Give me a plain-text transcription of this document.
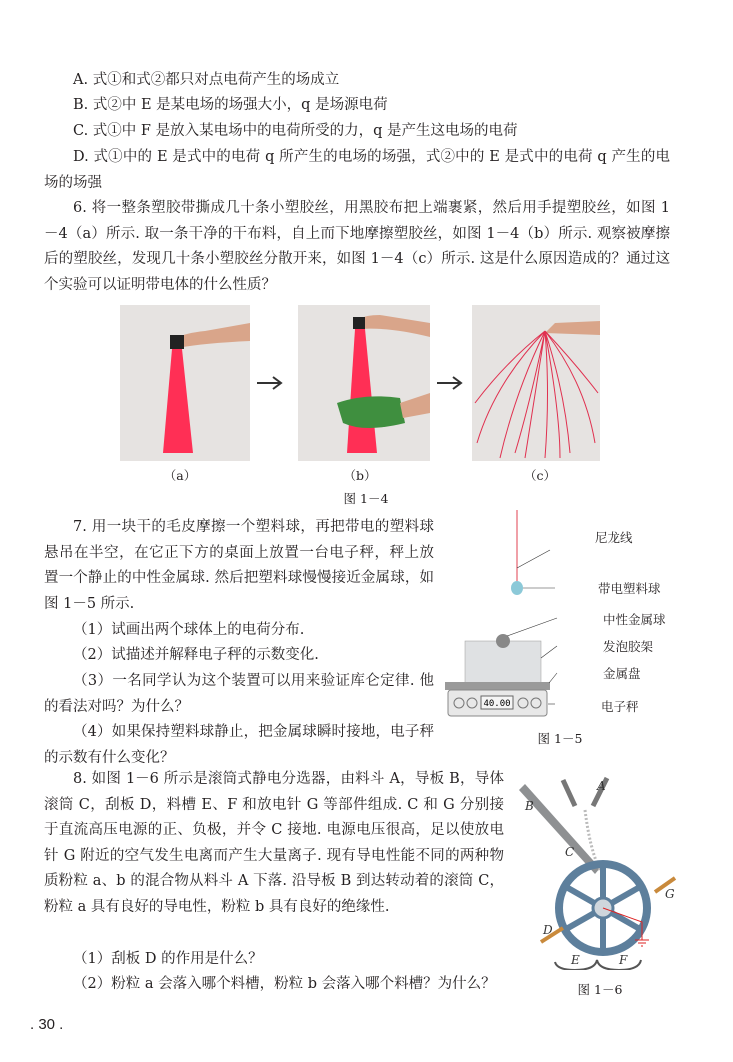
A. 式①和式②都只对点电荷产生的场成立
B. 式②中 E 是某电场的场强大小，q 是场源电荷
C. 式①中 F 是放入某电场中的电荷所受的力，q 是产生这电场的电荷
D. 式①中的 E 是式中的电荷 q 所产生的电场的场强，式②中的 E 是式中的电荷 q 产生的电场的场强
6. 将一整条塑胶带撕成几十条小塑胶丝，用黑胶布把上端裹紧，然后用手提塑胶丝，如图 1－4（a）所示. 取一条干净的干布料，自上而下地摩擦塑胶丝，如图 1－4（b）所示. 观察被摩擦后的塑胶丝，发现几十条小塑胶丝分散开来，如图 1－4（c）所示. 这是什么原因造成的？通过这个实验可以证明带电体的什么性质？
（a）	（b）	（c）
图 1－4
7. 用一块干的毛皮摩擦一个塑料球，再把带电的塑料球悬吊在半空，在它正下方的桌面上放置一台电子秤，秤上放置一个静止的中性金属球. 然后把塑料球慢慢接近金属球，如图 1－5 所示.
（1）试画出两个球体上的电荷分布.
（2）试描述并解释电子秤的示数变化.
（3）一名同学认为这个装置可以用来验证库仑定律. 他的看法对吗？为什么？
（4）如果保持塑料球静止，把金属球瞬时接地，电子秤的示数有什么变化？
40.00
尼龙线
带电塑料球
中性金属球
发泡胶架
金属盘
电子秤
图 1－5
8. 如图 1－6 所示是滚筒式静电分选器，由料斗 A，导板 B，导体滚筒 C，刮板 D，料槽 E、F 和放电针 G 等部件组成. C 和 G 分别接于直流高压电源的正、负极，并令 C 接地. 电源电压很高，足以使放电针 G 附近的空气发生电离而产生大量离子. 现有导电性能不同的两种物质粉粒 a、b 的混合物从料斗 A 下落. 沿导板 B 到达转动着的滚筒 C，粉粒 a 具有良好的导电性，粉粒 b 具有良好的绝缘性.
（1）刮板 D 的作用是什么？
（2）粉粒 a 会落入哪个料槽，粉粒 b 会落入哪个料槽？为什么？
A
B
C
D
E	F
G
图 1－6
. 30 .
